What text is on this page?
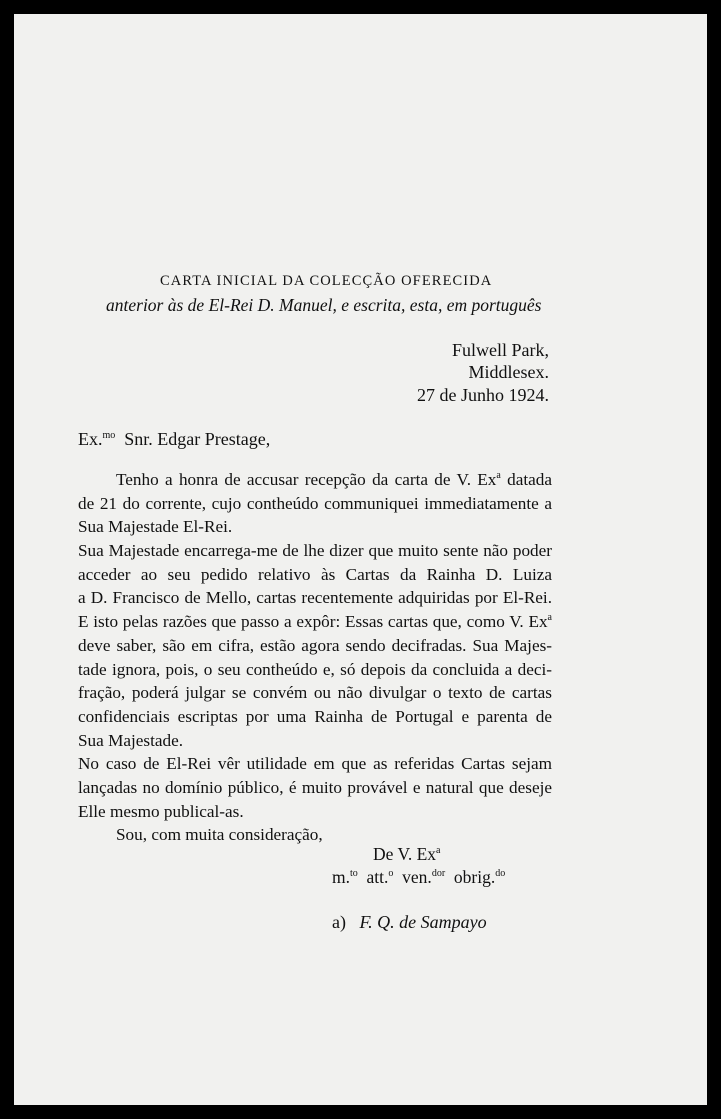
CARTA INICIAL DA COLECÇÃO OFERECIDA
anterior às de El-Rei D. Manuel, e escrita, esta, em português
Fulwell Park,
Middlesex.
27 de Junho 1924.
Ex.$^{mo}$ Snr. Edgar Prestage,
Tenho a honra de accusar recepção da carta de V. Ex$^a$ datada
de 21 do corrente, cujo contheúdo communiquei immediatamente a
Sua Majestade El-Rei.
Sua Majestade encarrega-me de lhe dizer que muito sente não poder
acceder ao seu pedido relativo às Cartas da Rainha D. Luiza
a D. Francisco de Mello, cartas recentemente adquiridas por El-Rei.
E isto pelas razões que passo a expôr: Essas cartas que, como V. Ex$^a$
deve saber, são em cifra, estão agora sendo decifradas. Sua Majes-
tade ignora, pois, o seu contheúdo e, só depois da concluida a deci-
fração, poderá julgar se convém ou não divulgar o texto de cartas
confidenciais escriptas por uma Rainha de Portugal e parenta de
Sua Majestade.
No caso de El-Rei vêr utilidade em que as referidas Cartas sejam
lançadas no domínio público, é muito provável e natural que deseje
Elle mesmo publical-as.
Sou, com muita consideração,
De V. Ex$^a$
m.$^{to}$ att.$^o$ ven.$^{dor}$ obrig.$^{do}$
a) F. Q. de Sampayo
